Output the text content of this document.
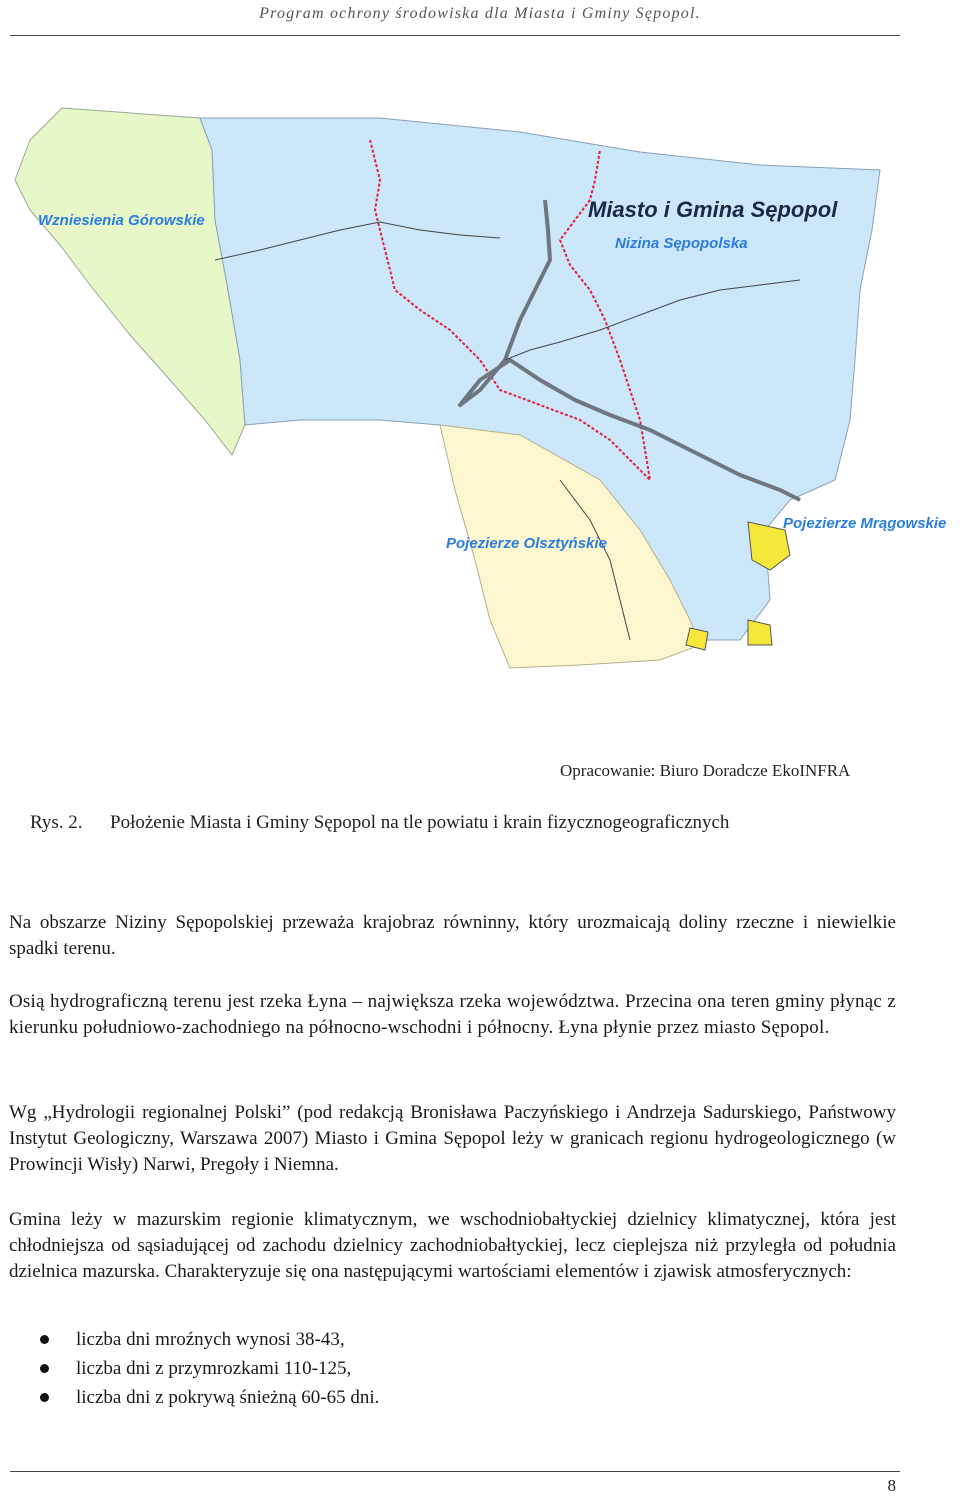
Program ochrony środowiska dla Miasta i Gminy Sępopol.
Wzniesienia Górowskie	Miasto i Gmina Sępopol
Nizina Sępopolska
Pojezierze Olsztyńskie
Pojezierze Mrągowskie
Opracowanie: Biuro Doradcze EkoINFRA
Rys. 2. Położenie Miasta i Gminy Sępopol na tle powiatu i krain fizycznogeograficznych

Na obszarze Niziny Sępopolskiej przeważa krajobraz równinny, który urozmaicają doliny rzeczne i niewielkie spadki terenu.

Osią hydrograficzną terenu jest rzeka Łyna – największa rzeka województwa. Przecina ona teren gminy płynąc z kierunku południowo-zachodniego na północno-wschodni i północny. Łyna płynie przez miasto Sępopol.

Wg „Hydrologii regionalnej Polski” (pod redakcją Bronisława Paczyńskiego i Andrzeja Sadurskiego, Państwowy Instytut Geologiczny, Warszawa 2007) Miasto i Gmina Sępopol leży w granicach regionu hydrogeologicznego (w Prowincji Wisły) Narwi, Pregoły i Niemna.

Gmina leży w mazurskim regionie klimatycznym, we wschodniobałtyckiej dzielnicy klimatycznej, która jest chłodniejsza od sąsiadującej od zachodu dzielnicy zachodniobałtyckiej, lecz cieplejsza niż przyległa od południa dzielnica mazurska. Charakteryzuje się ona następującymi wartościami elementów i zjawisk atmosferycznych:

liczba dni mroźnych wynosi 38-43,
liczba dni z przymrozkami 110-125,
liczba dni z pokrywą śnieżną 60-65 dni.
8
